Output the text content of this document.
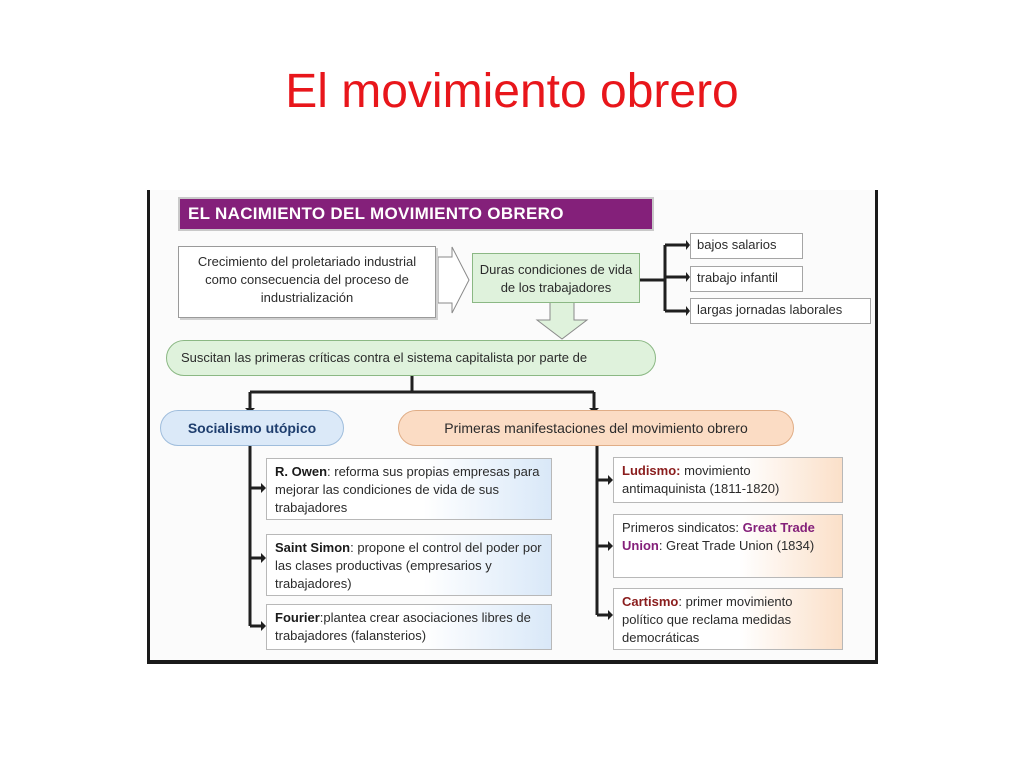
El movimiento obrero
EL NACIMIENTO DEL MOVIMIENTO OBRERO
Crecimiento del proletariado industrial como consecuencia del proceso de industrialización
Duras condiciones de vida de los trabajadores
bajos salarios
trabajo infantil
largas jornadas laborales
Suscitan las primeras críticas contra el sistema capitalista por parte de
Socialismo utópico	Primeras manifestaciones del movimiento obrero
R. Owen: reforma sus propias empresas para mejorar las condiciones de vida de sus trabajadores
Saint Simon: propone el control del poder por las clases productivas (empresarios y trabajadores)
Fourier:plantea crear asociaciones libres de trabajadores (falansterios)
Ludismo: movimiento antimaquinista (1811-1820)
Primeros sindicatos: Great Trade Union: Great Trade Union (1834)
Cartismo: primer movimiento político que reclama medidas democráticas
